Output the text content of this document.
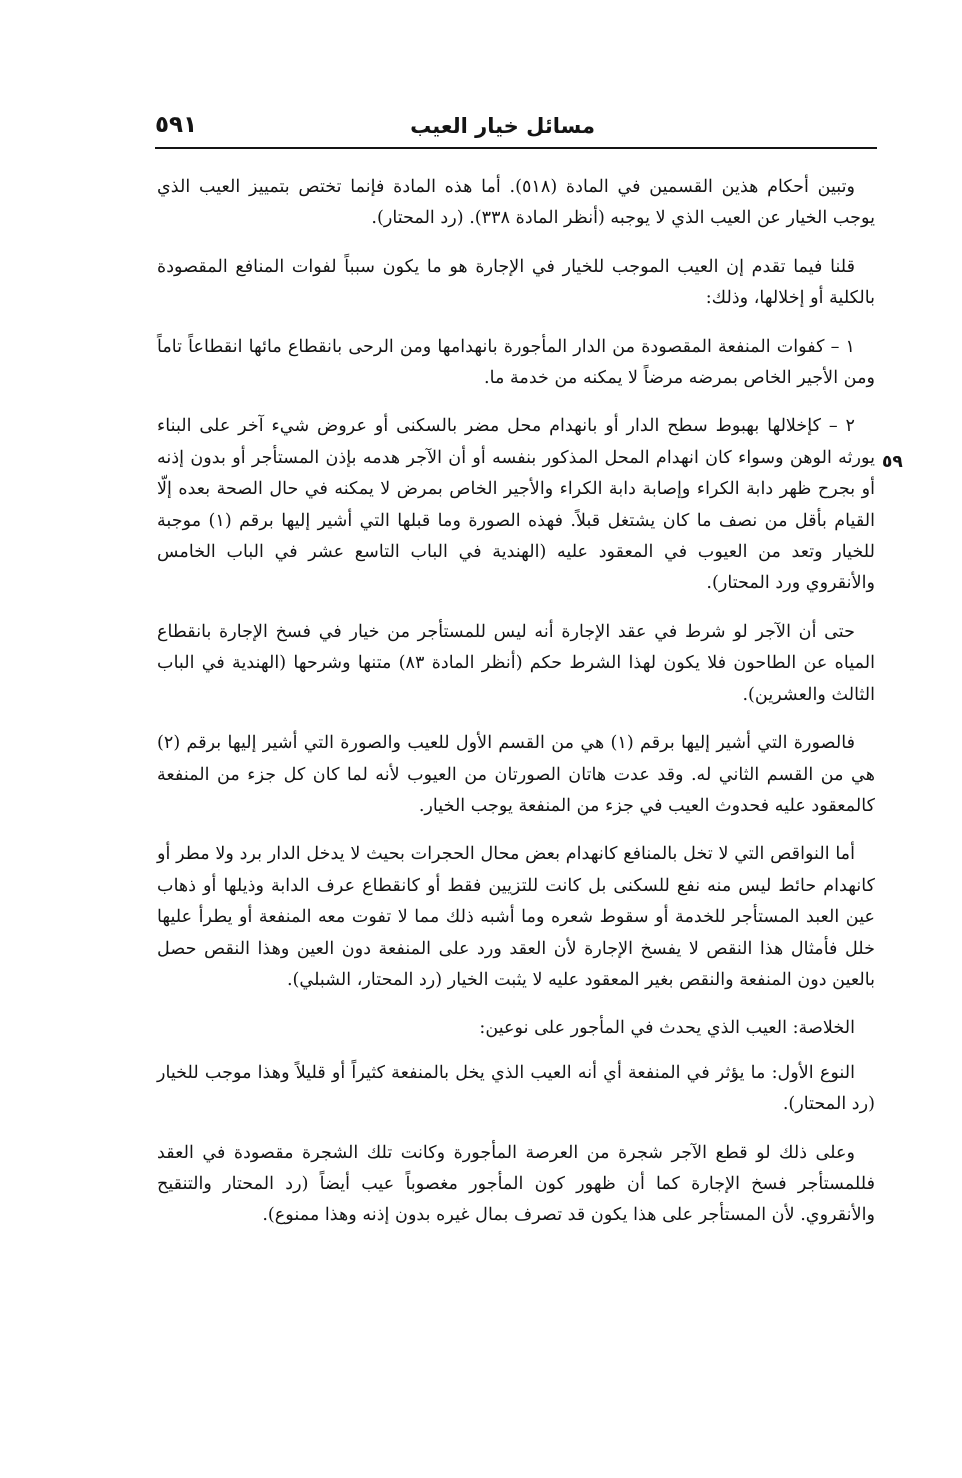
مسائل خيار العيب
٥٩١
٥٩

وتبين أحكام هذين القسمين في المادة (٥١٨). أما هذه المادة فإنما تختص بتمييز العيب الذي يوجب الخيار عن العيب الذي لا يوجبه (أنظر المادة ٣٣٨). (رد المحتار).

قلنا فيما تقدم إن العيب الموجب للخيار في الإجارة هو ما يكون سبباً لفوات المنافع المقصودة بالكلية أو إخلالها، وذلك:

١ – كفوات المنفعة المقصودة من الدار المأجورة بانهدامها ومن الرحى بانقطاع مائها انقطاعاً تاماً ومن الأجير الخاص بمرضه مرضاً لا يمكنه من خدمة ما.

٢ – كإخلالها بهبوط سطح الدار أو بانهدام محل مضر بالسكنى أو عروض شيء آخر على البناء يورثه الوهن وسواء كان انهدام المحل المذكور بنفسه أو أن الآجر هدمه بإذن المستأجر أو بدون إذنه أو بجرح ظهر دابة الكراء وإصابة دابة الكراء والأجير الخاص بمرض لا يمكنه في حال الصحة بعده إلّا القيام بأقل من نصف ما كان يشتغل قبلاً. فهذه الصورة وما قبلها التي أشير إليها برقم (١) موجبة للخيار وتعد من العيوب في المعقود عليه (الهندية في الباب التاسع عشر في الباب الخامس والأنقروي ورد المحتار).

حتى أن الآجر لو شرط في عقد الإجارة أنه ليس للمستأجر من خيار في فسخ الإجارة بانقطاع المياه عن الطاحون فلا يكون لهذا الشرط حكم (أنظر المادة ٨٣) متنها وشرحها (الهندية في الباب الثالث والعشرين).

فالصورة التي أشير إليها برقم (١) هي من القسم الأول للعيب والصورة التي أشير إليها برقم (٢) هي من القسم الثاني له. وقد عدت هاتان الصورتان من العيوب لأنه لما كان كل جزء من المنفعة كالمعقود عليه فحدوث العيب في جزء من المنفعة يوجب الخيار.

أما النواقص التي لا تخل بالمنافع كانهدام بعض محال الحجرات بحيث لا يدخل الدار برد ولا مطر أو كانهدام حائط ليس منه نفع للسكنى بل كانت للتزيين فقط أو كانقطاع عرف الدابة وذيلها أو ذهاب عين العبد المستأجر للخدمة أو سقوط شعره وما أشبه ذلك مما لا تفوت معه المنفعة أو يطرأ عليها خلل فأمثال هذا النقص لا يفسخ الإجارة لأن العقد ورد على المنفعة دون العين وهذا النقص حصل بالعين دون المنفعة والنقص بغير المعقود عليه لا يثبت الخيار (رد المحتار، الشبلي).

الخلاصة: العيب الذي يحدث في المأجور على نوعين:

النوع الأول: ما يؤثر في المنفعة أي أنه العيب الذي يخل بالمنفعة كثيراً أو قليلاً وهذا موجب للخيار (رد المحتار).

وعلى ذلك لو قطع الآجر شجرة من العرصة المأجورة وكانت تلك الشجرة مقصودة في العقد فللمستأجر فسخ الإجارة كما أن ظهور كون المأجور مغصوباً عيب أيضاً (رد المحتار والتنقيح والأنقروي. لأن المستأجر على هذا يكون قد تصرف بمال غيره بدون إذنه وهذا ممنوع).
